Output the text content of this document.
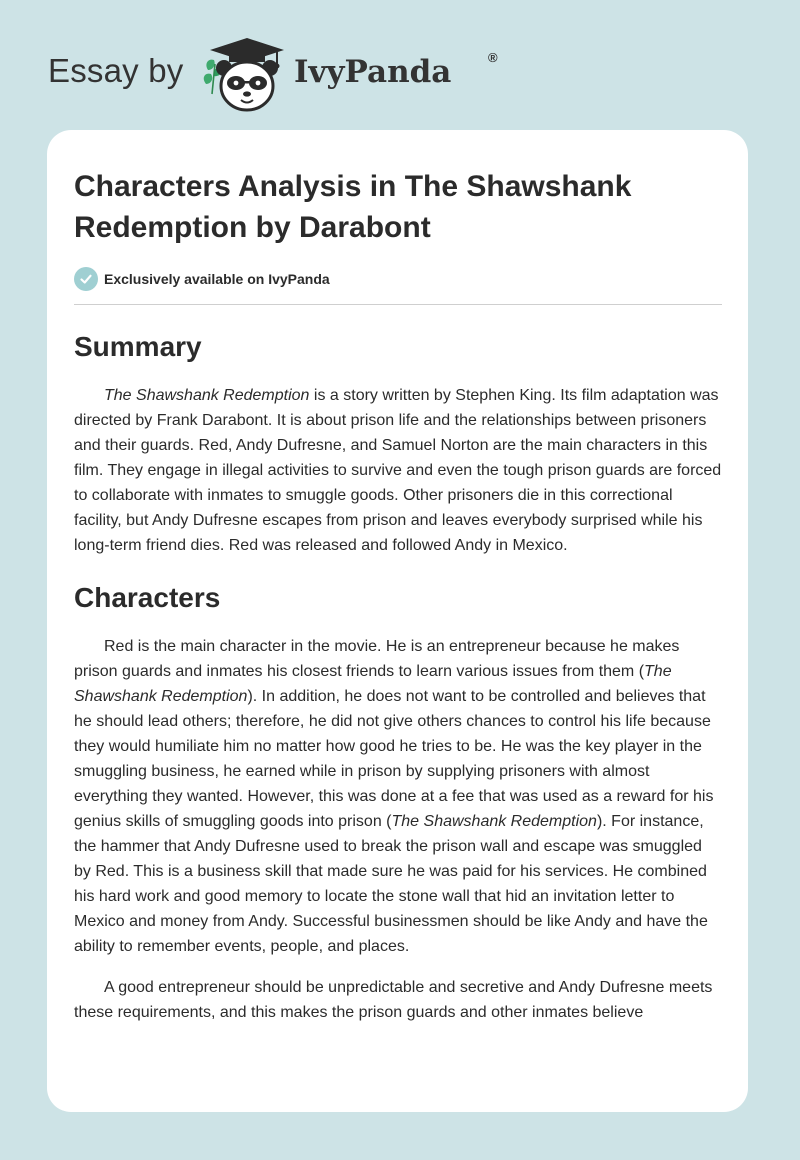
Essay by	IvyPanda	®
Characters Analysis in The Shawshank Redemption by Darabont
Exclusively available on IvyPanda
Summary

The Shawshank Redemption is a story written by Stephen King. Its film adaptation was directed by Frank Darabont. It is about prison life and the relationships between prisoners and their guards. Red, Andy Dufresne, and Samuel Norton are the main characters in this film. They engage in illegal activities to survive and even the tough prison guards are forced to collaborate with inmates to smuggle goods. Other prisoners die in this correctional facility, but Andy Dufresne escapes from prison and leaves everybody surprised while his long-term friend dies. Red was released and followed Andy in Mexico.

Characters

Red is the main character in the movie. He is an entrepreneur because he makes prison guards and inmates his closest friends to learn various issues from them (The Shawshank Redemption). In addition, he does not want to be controlled and believes that he should lead others; therefore, he did not give others chances to control his life because they would humiliate him no matter how good he tries to be. He was the key player in the smuggling business, he earned while in prison by supplying prisoners with almost everything they wanted. However, this was done at a fee that was used as a reward for his genius skills of smuggling goods into prison (The Shawshank Redemption). For instance, the hammer that Andy Dufresne used to break the prison wall and escape was smuggled by Red. This is a business skill that made sure he was paid for his services. He combined his hard work and good memory to locate the stone wall that hid an invitation letter to Mexico and money from Andy. Successful businessmen should be like Andy and have the ability to remember events, people, and places.

A good entrepreneur should be unpredictable and secretive and Andy Dufresne meets these requirements, and this makes the prison guards and other inmates believe
